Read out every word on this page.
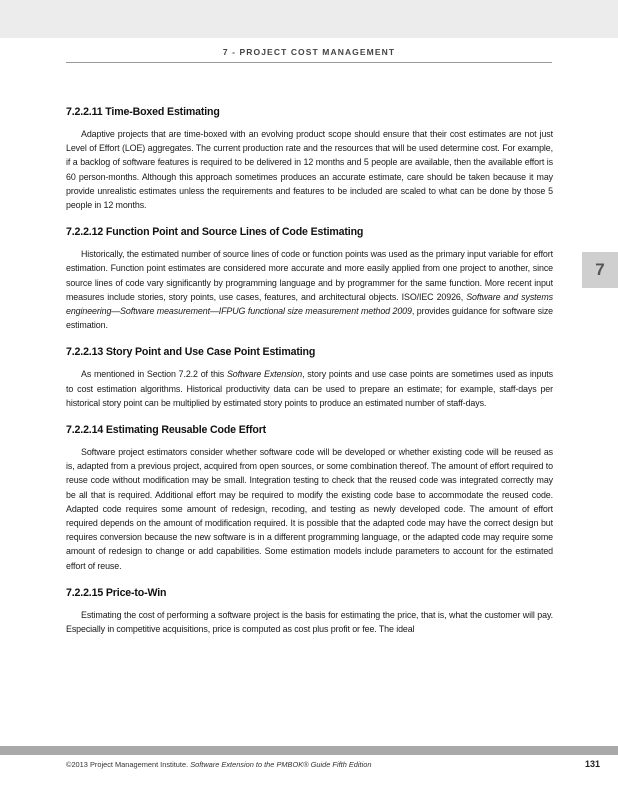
7 - PROJECT COST MANAGEMENT
7
7.2.2.11 Time-Boxed Estimating

Adaptive projects that are time-boxed with an evolving product scope should ensure that their cost estimates are not just Level of Effort (LOE) aggregates. The current production rate and the resources that will be used determine cost. For example, if a backlog of software features is required to be delivered in 12 months and 5 people are available, then the available effort is 60 person-months. Although this approach sometimes produces an accurate estimate, care should be taken because it may provide unrealistic estimates unless the requirements and features to be included are scaled to what can be done by those 5 people in 12 months.

7.2.2.12 Function Point and Source Lines of Code Estimating

Historically, the estimated number of source lines of code or function points was used as the primary input variable for effort estimation. Function point estimates are considered more accurate and more easily applied from one project to another, since source lines of code vary significantly by programming language and by programmer for the same function. More recent input measures include stories, story points, use cases, features, and architectural objects. ISO/IEC 20926, Software and systems engineering—Software measurement—IFPUG functional size measurement method 2009, provides guidance for software size estimation.

7.2.2.13 Story Point and Use Case Point Estimating

As mentioned in Section 7.2.2 of this Software Extension, story points and use case points are sometimes used as inputs to cost estimation algorithms. Historical productivity data can be used to prepare an estimate; for example, staff-days per historical story point can be multiplied by estimated story points to produce an estimated number of staff-days.

7.2.2.14 Estimating Reusable Code Effort

Software project estimators consider whether software code will be developed or whether existing code will be reused as is, adapted from a previous project, acquired from open sources, or some combination thereof. The amount of effort required to reuse code without modification may be small. Integration testing to check that the reused code was integrated correctly may be all that is required. Additional effort may be required to modify the existing code base to accommodate the reused code. Adapted code requires some amount of redesign, recoding, and testing as newly developed code. The amount of effort required depends on the amount of modification required. It is possible that the adapted code may have the correct design but requires conversion because the new software is in a different programming language, or the adapted code may require some amount of redesign to change or add capabilities. Some estimation models include parameters to account for the estimated effort of reuse.

7.2.2.15 Price-to-Win

Estimating the cost of performing a software project is the basis for estimating the price, that is, what the customer will pay. Especially in competitive acquisitions, price is computed as cost plus profit or fee. The ideal

©2013 Project Management Institute. Software Extension to the PMBOK® Guide Fifth Edition	131
